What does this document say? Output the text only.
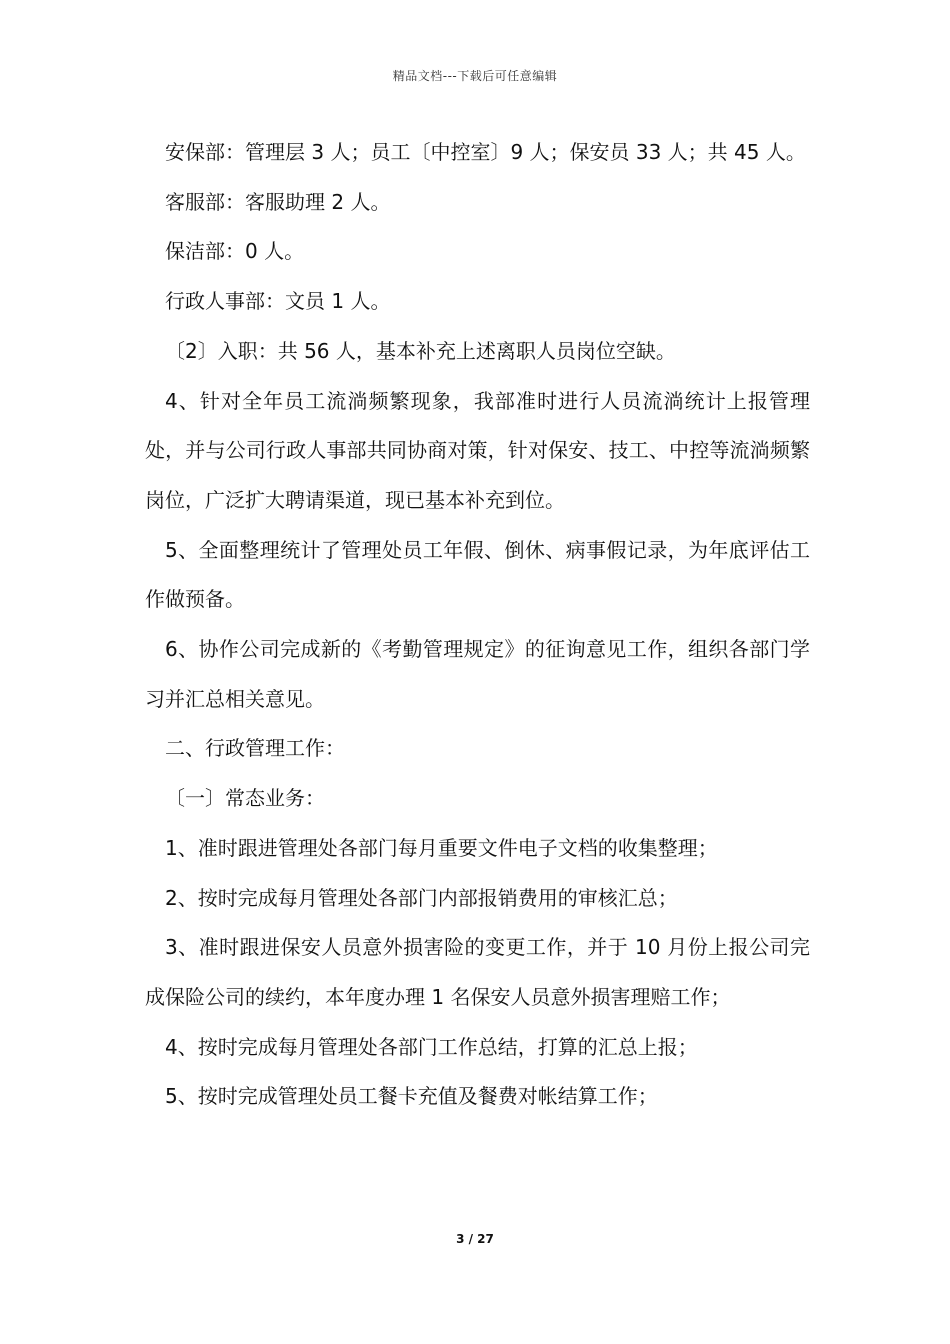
精品文档---下载后可任意编辑

安保部：管理层 3 人；员工〔中控室〕9 人；保安员 33 人；共 45 人。

客服部：客服助理 2 人。

保洁部：0 人。

行政人事部：文员 1 人。

〔2〕入职：共 56 人，基本补充上述离职人员岗位空缺。

4、针对全年员工流淌频繁现象，我部准时进行人员流淌统计上报管理处，并与公司行政人事部共同协商对策，针对保安、技工、中控等流淌频繁岗位，广泛扩大聘请渠道，现已基本补充到位。

5、全面整理统计了管理处员工年假、倒休、病事假记录，为年底评估工作做预备。

6、协作公司完成新的《考勤管理规定》的征询意见工作，组织各部门学习并汇总相关意见。

二、行政管理工作：

〔一〕常态业务：

1、准时跟进管理处各部门每月重要文件电子文档的收集整理；

2、按时完成每月管理处各部门内部报销费用的审核汇总；

3、准时跟进保安人员意外损害险的变更工作，并于 10 月份上报公司完成保险公司的续约，本年度办理 1 名保安人员意外损害理赔工作；

4、按时完成每月管理处各部门工作总结，打算的汇总上报；

5、按时完成管理处员工餐卡充值及餐费对帐结算工作；

3 / 27
